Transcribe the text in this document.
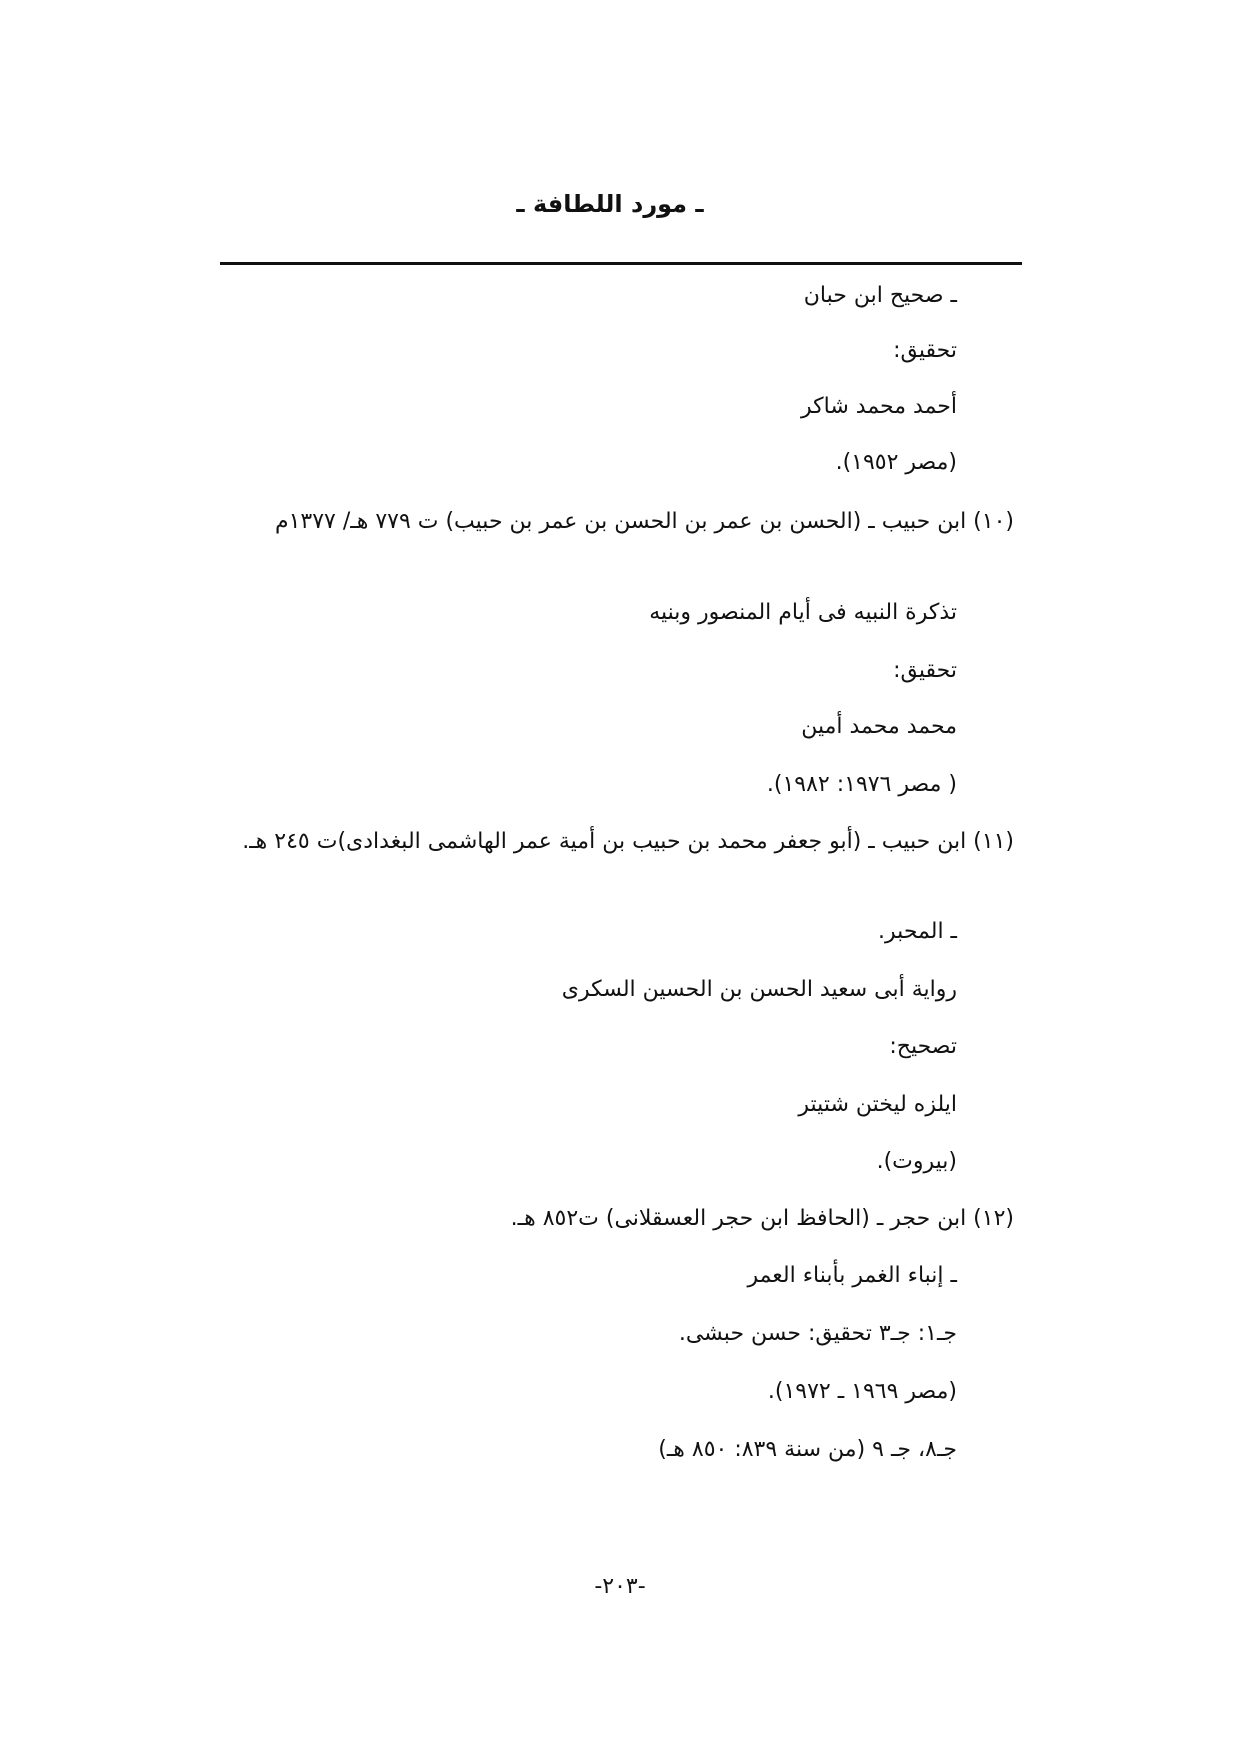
ـ مورد اللطافة ـ
ـ صحيح ابن حبان
تحقيق:
أحمد محمد شاكر
(مصر ١٩٥٢).
(١٠) ابن حبيب ـ (الحسن بن عمر بن الحسن بن عمر بن حبيب) ت ٧٧٩ هـ/ ١٣٧٧م
تذكرة النبيه فى أيام المنصور وبنيه
تحقيق:
محمد محمد أمين
( مصر ١٩٧٦: ١٩٨٢).
(١١) ابن حبيب ـ (أبو جعفر محمد بن حبيب بن أمية عمر الهاشمى البغدادى)ت ٢٤٥ هـ.
ـ المحبر.
رواية أبى سعيد الحسن بن الحسين السكرى
تصحيح:
ايلزه ليختن شتيتر
(بيروت).
(١٢) ابن حجر ـ (الحافظ ابن حجر العسقلانى) ت٨٥٢ هـ.
ـ إنباء الغمر بأبناء العمر
جـ١: جـ٣ تحقيق: حسن حبشى.
(مصر ١٩٦٩ ـ ١٩٧٢).
جـ٨، جـ ٩ (من سنة ٨٣٩: ٨٥٠ هـ)
-٢٠٣-
